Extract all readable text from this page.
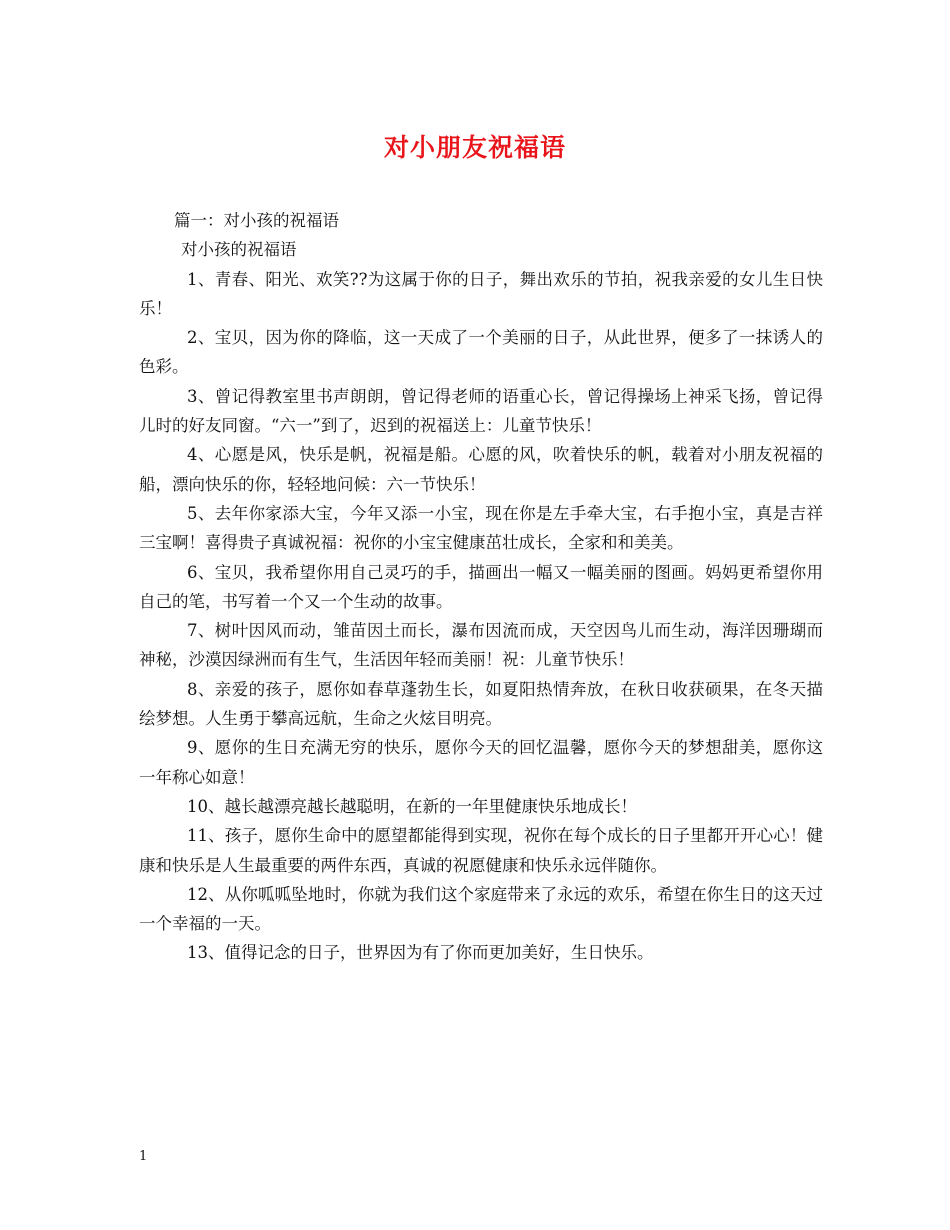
对小朋友祝福语

篇一：对小孩的祝福语

对小孩的祝福语

1、青春、阳光、欢笑??为这属于你的日子，舞出欢乐的节拍，祝我亲爱的女儿生日快乐！

2、宝贝，因为你的降临，这一天成了一个美丽的日子，从此世界，便多了一抹诱人的色彩。

3、曾记得教室里书声朗朗，曾记得老师的语重心长，曾记得操场上神采飞扬，曾记得儿时的好友同窗。“六一”到了，迟到的祝福送上：儿童节快乐！

4、心愿是风，快乐是帆，祝福是船。心愿的风，吹着快乐的帆，载着对小朋友祝福的船，漂向快乐的你，轻轻地问候：六一节快乐！

5、去年你家添大宝，今年又添一小宝，现在你是左手牵大宝，右手抱小宝，真是吉祥三宝啊！喜得贵子真诚祝福：祝你的小宝宝健康茁壮成长，全家和和美美。

6、宝贝，我希望你用自己灵巧的手，描画出一幅又一幅美丽的图画。妈妈更希望你用自己的笔，书写着一个又一个生动的故事。

7、树叶因风而动，雏苗因土而长，瀑布因流而成，天空因鸟儿而生动，海洋因珊瑚而神秘，沙漠因绿洲而有生气，生活因年轻而美丽！祝：儿童节快乐！

8、亲爱的孩子，愿你如春草蓬勃生长，如夏阳热情奔放，在秋日收获硕果，在冬天描绘梦想。人生勇于攀高远航，生命之火炫目明亮。

9、愿你的生日充满无穷的快乐，愿你今天的回忆温馨，愿你今天的梦想甜美，愿你这一年称心如意！

10、越长越漂亮越长越聪明，在新的一年里健康快乐地成长！

11、孩子，愿你生命中的愿望都能得到实现，祝你在每个成长的日子里都开开心心！健康和快乐是人生最重要的两件东西，真诚的祝愿健康和快乐永远伴随你。

12、从你呱呱坠地时，你就为我们这个家庭带来了永远的欢乐，希望在你生日的这天过一个幸福的一天。

13、值得记念的日子，世界因为有了你而更加美好，生日快乐。

1
